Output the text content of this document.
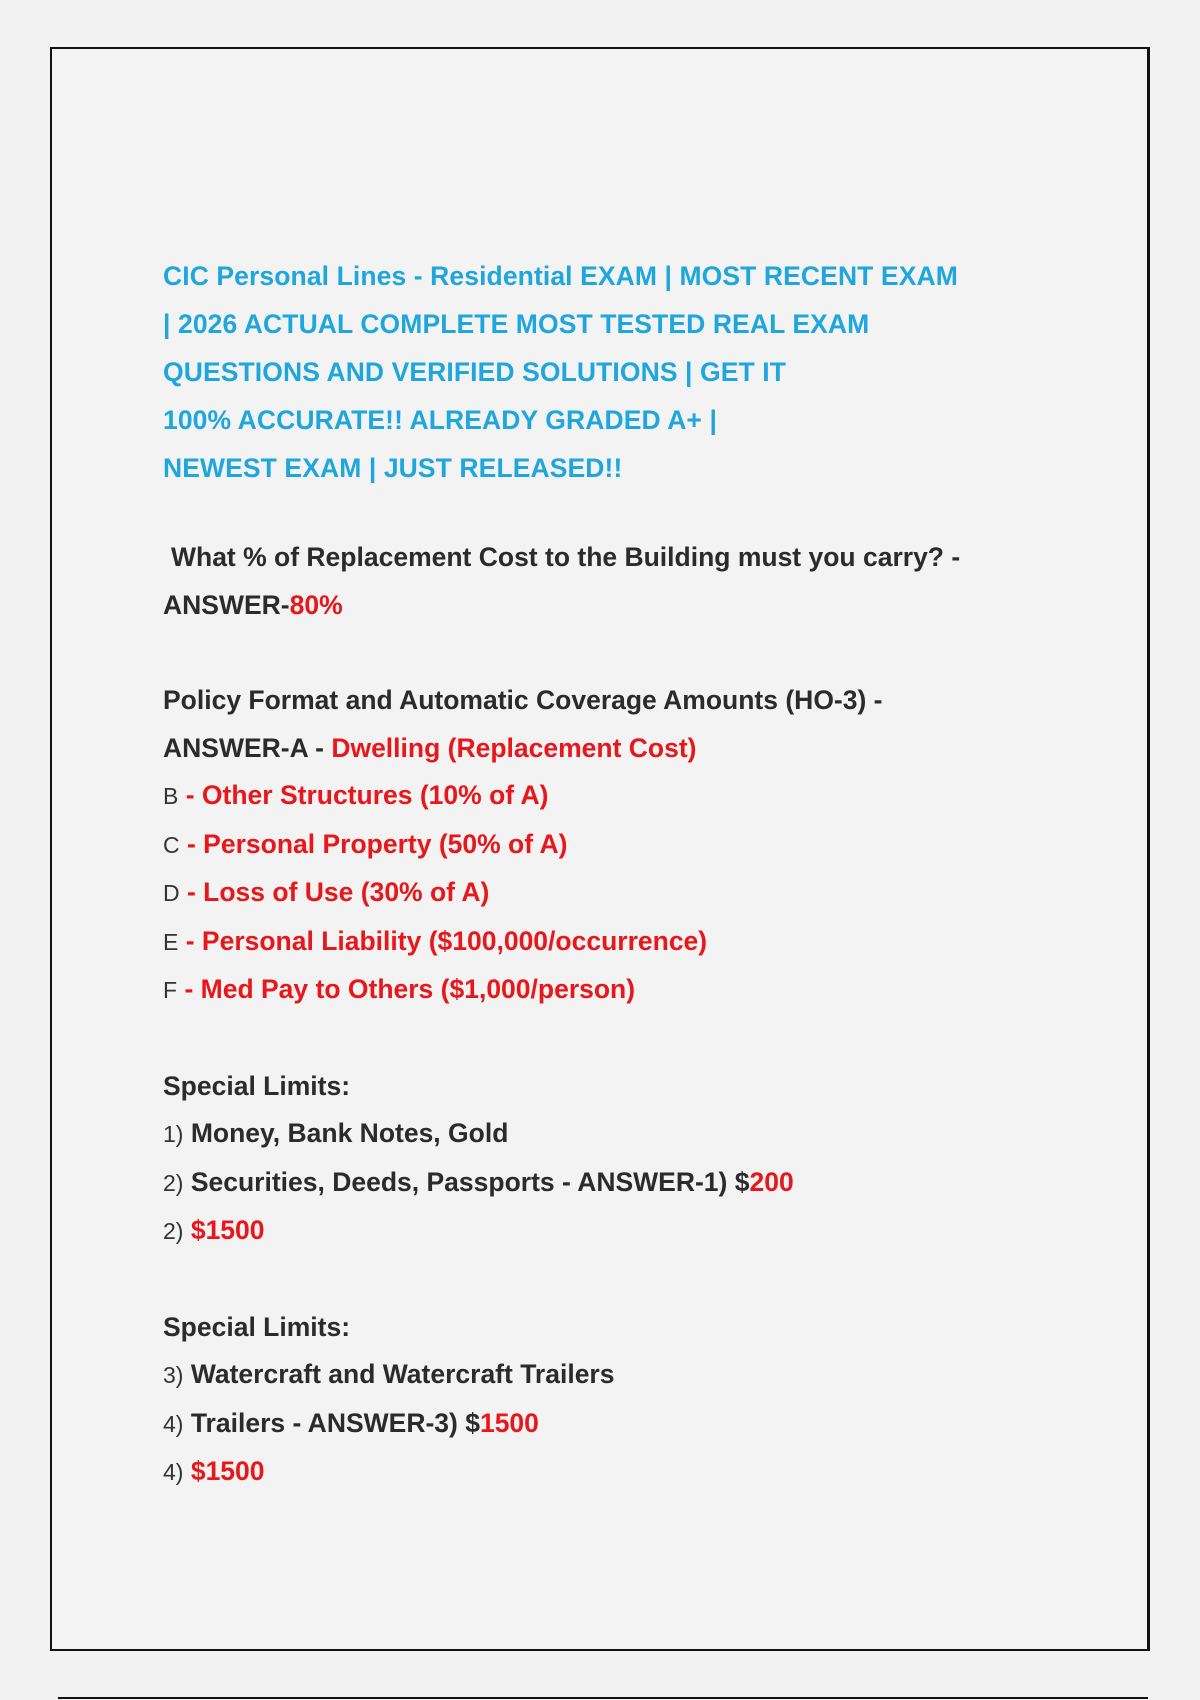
CIC Personal Lines - Residential EXAM | MOST RECENT EXAM
| 2026 ACTUAL COMPLETE MOST TESTED REAL EXAM
QUESTIONS AND VERIFIED SOLUTIONS | GET IT
100% ACCURATE!! ALREADY GRADED A+ |
NEWEST EXAM | JUST RELEASED!!
What % of Replacement Cost to the Building must you carry? -
ANSWER-80%
Policy Format and Automatic Coverage Amounts (HO-3) -
ANSWER-A - Dwelling (Replacement Cost)
B - Other Structures (10% of A)
C - Personal Property (50% of A)
D - Loss of Use (30% of A)
E - Personal Liability ($100,000/occurrence)
F - Med Pay to Others ($1,000/person)
Special Limits:
1) Money, Bank Notes, Gold
2) Securities, Deeds, Passports - ANSWER-1) $200
2) $1500
Special Limits:
3) Watercraft and Watercraft Trailers
4) Trailers - ANSWER-3) $1500
4) $1500
